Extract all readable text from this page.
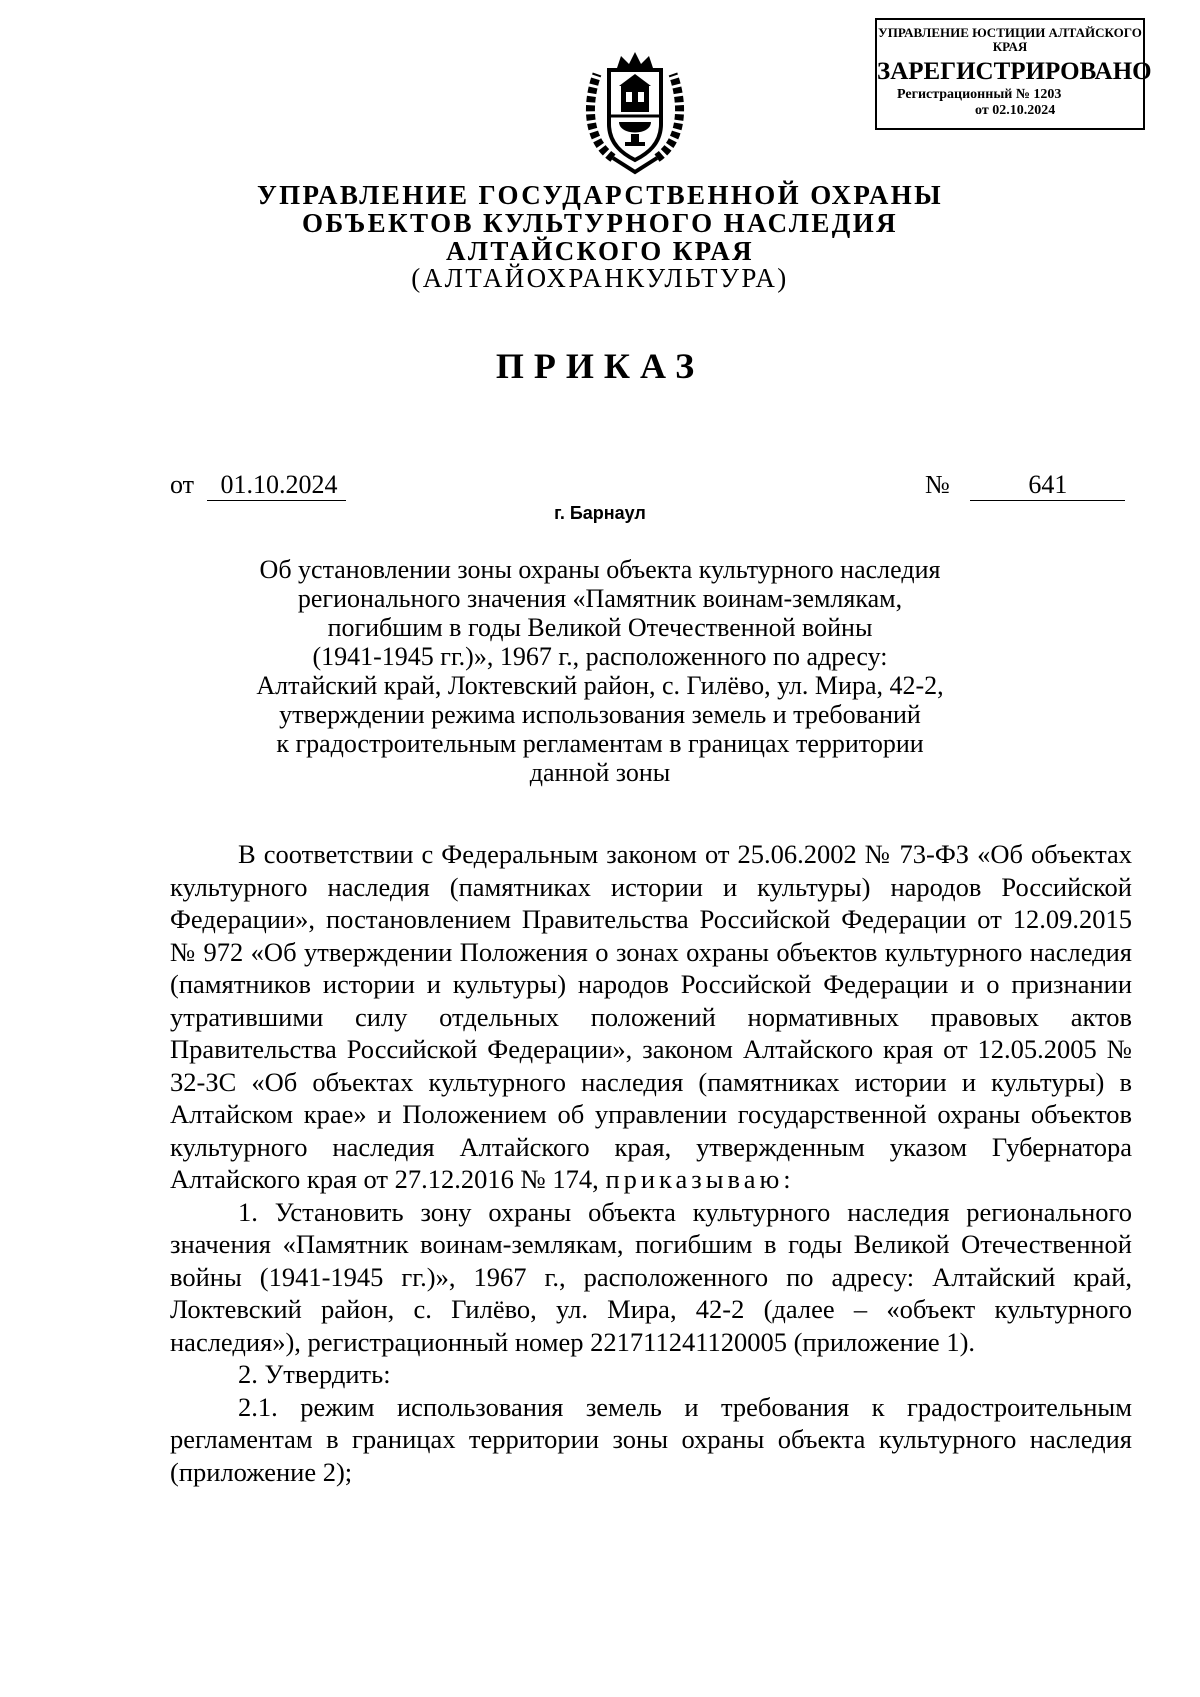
УПРАВЛЕНИЕ ЮСТИЦИИ АЛТАЙСКОГО КРАЯ
ЗАРЕГИСТРИРОВАНО
Регистрационный № 1203
от 02.10.2024
УПРАВЛЕНИЕ ГОСУДАРСТВЕННОЙ ОХРАНЫ
ОБЪЕКТОВ КУЛЬТУРНОГО НАСЛЕДИЯ
АЛТАЙСКОГО КРАЯ
(АЛТАЙОХРАНКУЛЬТУРА)
ПРИКАЗ
от 01.10.2024	№	641
г. Барнаул
Об установлении зоны охраны объекта культурного наследия
регионального значения «Памятник воинам-землякам,
погибшим в годы Великой Отечественной войны
(1941-1945 гг.)», 1967 г., расположенного по адресу:
Алтайский край, Локтевский район, с. Гилёво, ул. Мира, 42-2,
утверждении режима использования земель и требований
к градостроительным регламентам в границах территории
данной зоны

В соответствии с Федеральным законом от 25.06.2002 № 73-ФЗ «Об объектах культурного наследия (памятниках истории и культуры) народов Российской Федерации», постановлением Правительства Российской Федерации от 12.09.2015 № 972 «Об утверждении Положения о зонах охраны объектов культурного наследия (памятников истории и культуры) народов Российской Федерации и о признании утратившими силу отдельных положений нормативных правовых актов Правительства Российской Федерации», законом Алтайского края от 12.05.2005 № 32-ЗС «Об объектах культурного наследия (памятниках истории и культуры) в Алтайском крае» и Положением об управлении государственной охраны объектов культурного наследия Алтайского края, утвержденным указом Губернатора Алтайского края от 27.12.2016 № 174, приказываю:

1. Установить зону охраны объекта культурного наследия регионального значения «Памятник воинам-землякам, погибшим в годы Великой Отечественной войны (1941-1945 гг.)», 1967 г., расположенного по адресу: Алтайский край, Локтевский район, с. Гилёво, ул. Мира, 42-2 (далее – «объект культурного наследия»), регистрационный номер 221711241120005 (приложение 1).

2. Утвердить:

2.1. режим использования земель и требования к градостроительным регламентам в границах территории зоны охраны объекта культурного наследия (приложение 2);
